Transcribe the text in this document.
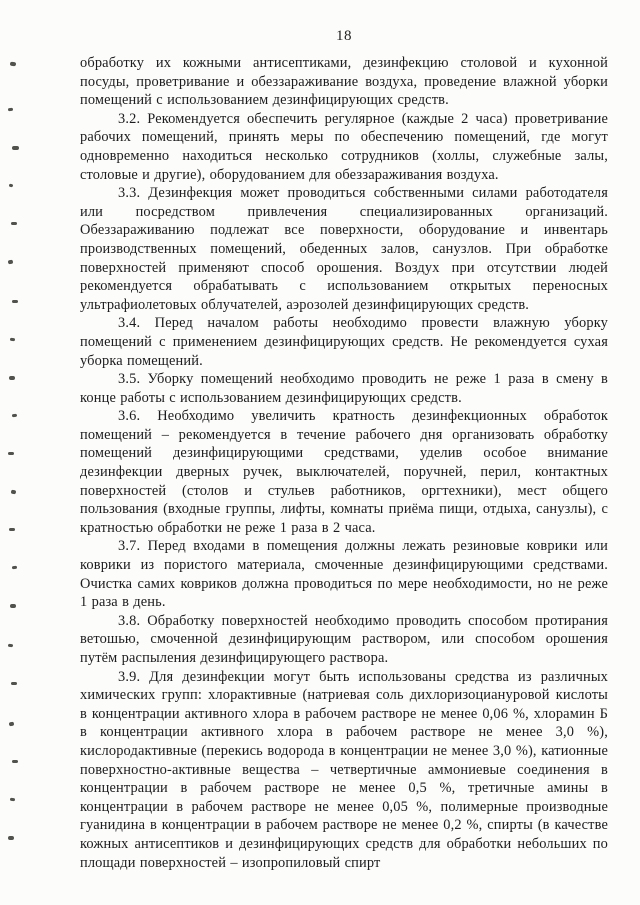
18

обработку их кожными антисептиками, дезинфекцию столовой и кухонной посуды, проветривание и обеззараживание воздуха, проведение влажной уборки помещений с использованием дезинфицирующих средств.

3.2. Рекомендуется обеспечить регулярное (каждые 2 часа) проветривание рабочих помещений, принять меры по обеспечению помещений, где могут одновременно находиться несколько сотрудников (холлы, служебные залы, столовые и другие), оборудованием для обеззараживания воздуха.

3.3. Дезинфекция может проводиться собственными силами работодателя или посредством привлечения специализированных организаций. Обеззараживанию подлежат все поверхности, оборудование и инвентарь производственных помещений, обеденных залов, санузлов. При обработке поверхностей применяют способ орошения. Воздух при отсутствии людей рекомендуется обрабатывать с использованием открытых переносных ультрафиолетовых облучателей, аэрозолей дезинфицирующих средств.

3.4. Перед началом работы необходимо провести влажную уборку помещений с применением дезинфицирующих средств. Не рекомендуется сухая уборка помещений.

3.5. Уборку помещений необходимо проводить не реже 1 раза в смену в конце работы с использованием дезинфицирующих средств.

3.6. Необходимо увеличить кратность дезинфекционных обработок помещений – рекомендуется в течение рабочего дня организовать обработку помещений дезинфицирующими средствами, уделив особое внимание дезинфекции дверных ручек, выключателей, поручней, перил, контактных поверхностей (столов и стульев работников, оргтехники), мест общего пользования (входные группы, лифты, комнаты приёма пищи, отдыха, санузлы), с кратностью обработки не реже 1 раза в 2 часа.

3.7. Перед входами в помещения должны лежать резиновые коврики или коврики из пористого материала, смоченные дезинфицирующими средствами. Очистка самих ковриков должна проводиться по мере необходимости, но не реже 1 раза в день.

3.8. Обработку поверхностей необходимо проводить способом протирания ветошью, смоченной дезинфицирующим раствором, или способом орошения путём распыления дезинфицирующего раствора.

3.9. Для дезинфекции могут быть использованы средства из различных химических групп: хлорактивные (натриевая соль дихлоризоциануровой кислоты в концентрации активного хлора в рабочем растворе не менее 0,06 %, хлорамин Б в концентрации активного хлора в рабочем растворе не менее 3,0 %), кислородактивные (перекись водорода в концентрации не менее 3,0 %), катионные поверхностно-активные вещества – четвертичные аммониевые соединения в концентрации в рабочем растворе не менее 0,5 %, третичные амины в концентрации в рабочем растворе не менее 0,05 %, полимерные производные гуанидина в концентрации в рабочем растворе не менее 0,2 %, спирты (в качестве кожных антисептиков и дезинфицирующих средств для обработки небольших по площади поверхностей – изопропиловый спирт
